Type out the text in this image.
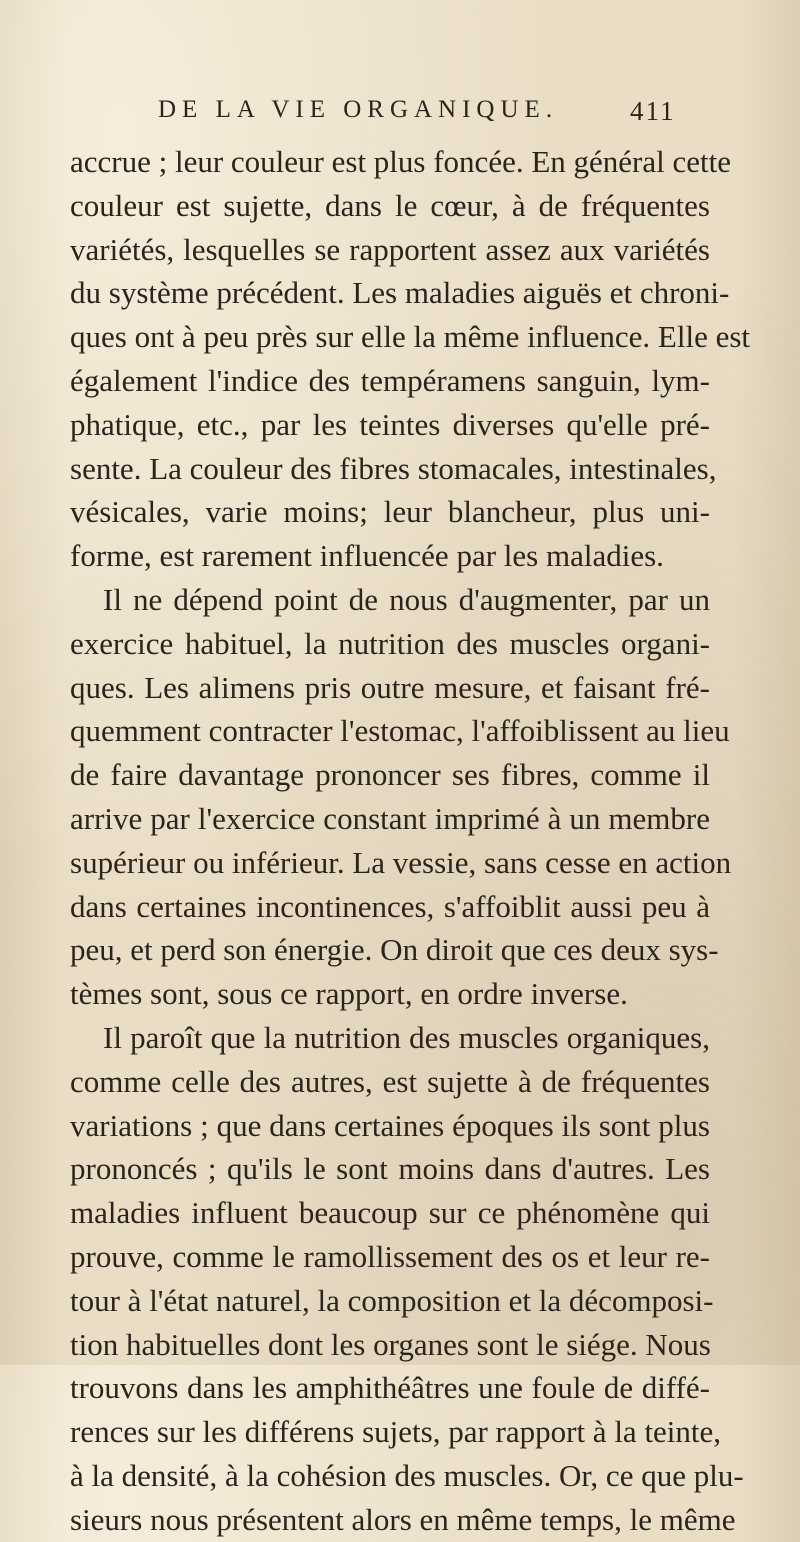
DE LA VIE ORGANIQUE.	411
accrue ; leur couleur est plus foncée. En général cette
couleur est sujette, dans le cœur, à de fréquentes
variétés, lesquelles se rapportent assez aux variétés
du système précédent. Les maladies aiguës et chroni-
ques ont à peu près sur elle la même influence. Elle est
également l'indice des tempéramens sanguin, lym-
phatique, etc., par les teintes diverses qu'elle pré-
sente. La couleur des fibres stomacales, intestinales,
vésicales, varie moins; leur blancheur, plus uni-
forme, est rarement influencée par les maladies.
Il ne dépend point de nous d'augmenter, par un
exercice habituel, la nutrition des muscles organi-
ques. Les alimens pris outre mesure, et faisant fré-
quemment contracter l'estomac, l'affoiblissent au lieu
de faire davantage prononcer ses fibres, comme il
arrive par l'exercice constant imprimé à un membre
supérieur ou inférieur. La vessie, sans cesse en action
dans certaines incontinences, s'affoiblit aussi peu à
peu, et perd son énergie. On diroit que ces deux sys-
tèmes sont, sous ce rapport, en ordre inverse.
Il paroît que la nutrition des muscles organiques,
comme celle des autres, est sujette à de fréquentes
variations ; que dans certaines époques ils sont plus
prononcés ; qu'ils le sont moins dans d'autres. Les
maladies influent beaucoup sur ce phénomène qui
prouve, comme le ramollissement des os et leur re-
tour à l'état naturel, la composition et la décomposi-
tion habituelles dont les organes sont le siége. Nous
trouvons dans les amphithéâtres une foule de diffé-
rences sur les différens sujets, par rapport à la teinte,
à la densité, à la cohésion des muscles. Or, ce que plu-
sieurs nous présentent alors en même temps, le même
